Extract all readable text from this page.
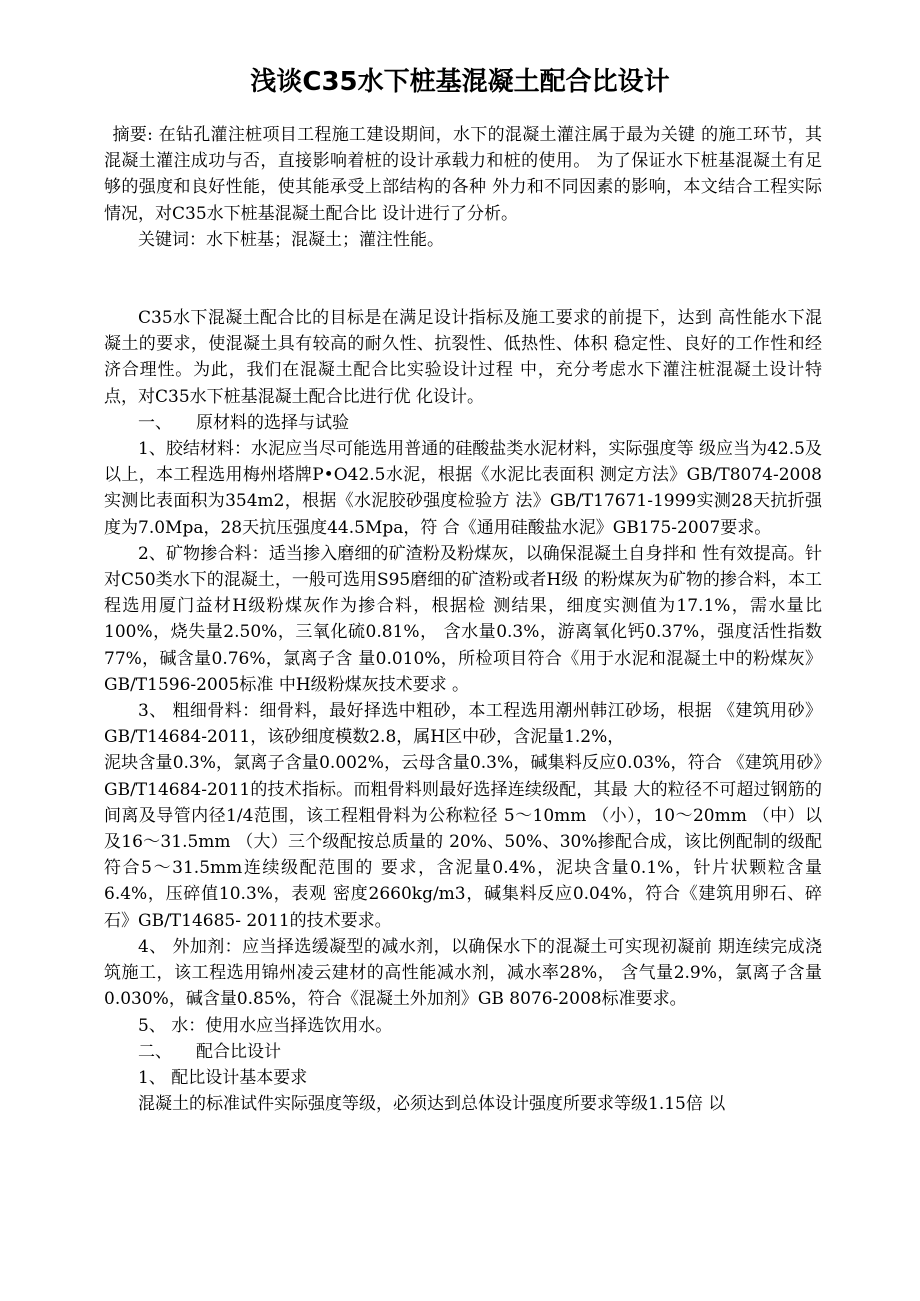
浅谈C35水下桩基混凝土配合比设计

摘要: 在钻孔灌注桩项目工程施工建设期间，水下的混凝土灌注属于最为关键 的施工环节，其混凝土灌注成功与否，直接影响着桩的设计承载力和桩的使用。 为了保证水下桩基混凝土有足够的强度和良好性能，使其能承受上部结构的各种 外力和不同因素的影响，本文结合工程实际情况，对C35水下桩基混凝土配合比 设计进行了分析。

关键词：水下桩基；混凝土；灌注性能。

C35水下混凝土配合比的目标是在满足设计指标及施工要求的前提下，达到 高性能水下混凝土的要求，使混凝土具有较高的耐久性、抗裂性、低热性、体积 稳定性、良好的工作性和经济合理性。为此，我们在混凝土配合比实验设计过程 中，充分考虑水下灌注桩混凝土设计特点，对C35水下桩基混凝土配合比进行优 化设计。

一、 原材料的选择与试验

1、胶结材料：水泥应当尽可能选用普通的硅酸盐类水泥材料，实际强度等 级应当为42.5及以上，本工程选用梅州塔牌P•O42.5水泥，根据《水泥比表面积 测定方法》GB/T8074-2008实测比表面积为354m2，根据《水泥胶砂强度检验方 法》GB/T17671-1999实测28天抗折强度为7.0Mpa，28天抗压强度44.5Mpa，符 合《通用硅酸盐水泥》GB175-2007要求。

2、矿物掺合料：适当掺入磨细的矿渣粉及粉煤灰，以确保混凝土自身拌和 性有效提高。针对C50类水下的混凝土，一般可选用S95磨细的矿渣粉或者H级 的粉煤灰为矿物的掺合料，本工程选用厦门益材H级粉煤灰作为掺合料，根据检 测结果，细度实测值为17.1%，需水量比100%，烧失量2.50%，三氧化硫0.81%， 含水量0.3%，游离氧化钙0.37%，强度活性指数77%，碱含量0.76%，氯离子含 量0.010%，所检项目符合《用于水泥和混凝土中的粉煤灰》GB/T1596-2005标准 中H级粉煤灰技术要求 。

3、 粗细骨料：细骨料，最好择选中粗砂，本工程选用潮州韩江砂场，根据 《建筑用砂》GB/T14684-2011，该砂细度模数2.8，属H区中砂，含泥量1.2%，

泥块含量0.3%，氯离子含量0.002%，云母含量0.3%，碱集料反应0.03%，符合 《建筑用砂》GB/T14684-2011的技术指标。而粗骨料则最好选择连续级配，其最 大的粒径不可超过钢筋的间离及导管内径1/4范围，该工程粗骨料为公称粒径 5〜10mm （小），10〜20mm （中）以及16〜31.5mm （大）三个级配按总质量的 20%、50%、30%掺配合成，该比例配制的级配符合5〜31.5mm连续级配范围的 要求，含泥量0.4%，泥块含量0.1%，针片状颗粒含量6.4%，压碎值10.3%，表观 密度2660kg/m3，碱集料反应0.04%，符合《建筑用卵石、碎石》GB/T14685- 2011的技术要求。

4、 外加剂：应当择选缓凝型的减水剂，以确保水下的混凝土可实现初凝前 期连续完成浇筑施工，该工程选用锦州凌云建材的高性能减水剂，减水率28%， 含气量2.9%，氯离子含量0.030%，碱含量0.85%，符合《混凝土外加剂》GB 8076-2008标准要求。

5、 水：使用水应当择选饮用水。

二、 配合比设计

1、 配比设计基本要求

混凝土的标准试件实际强度等级，必须达到总体设计强度所要求等级1.15倍 以
